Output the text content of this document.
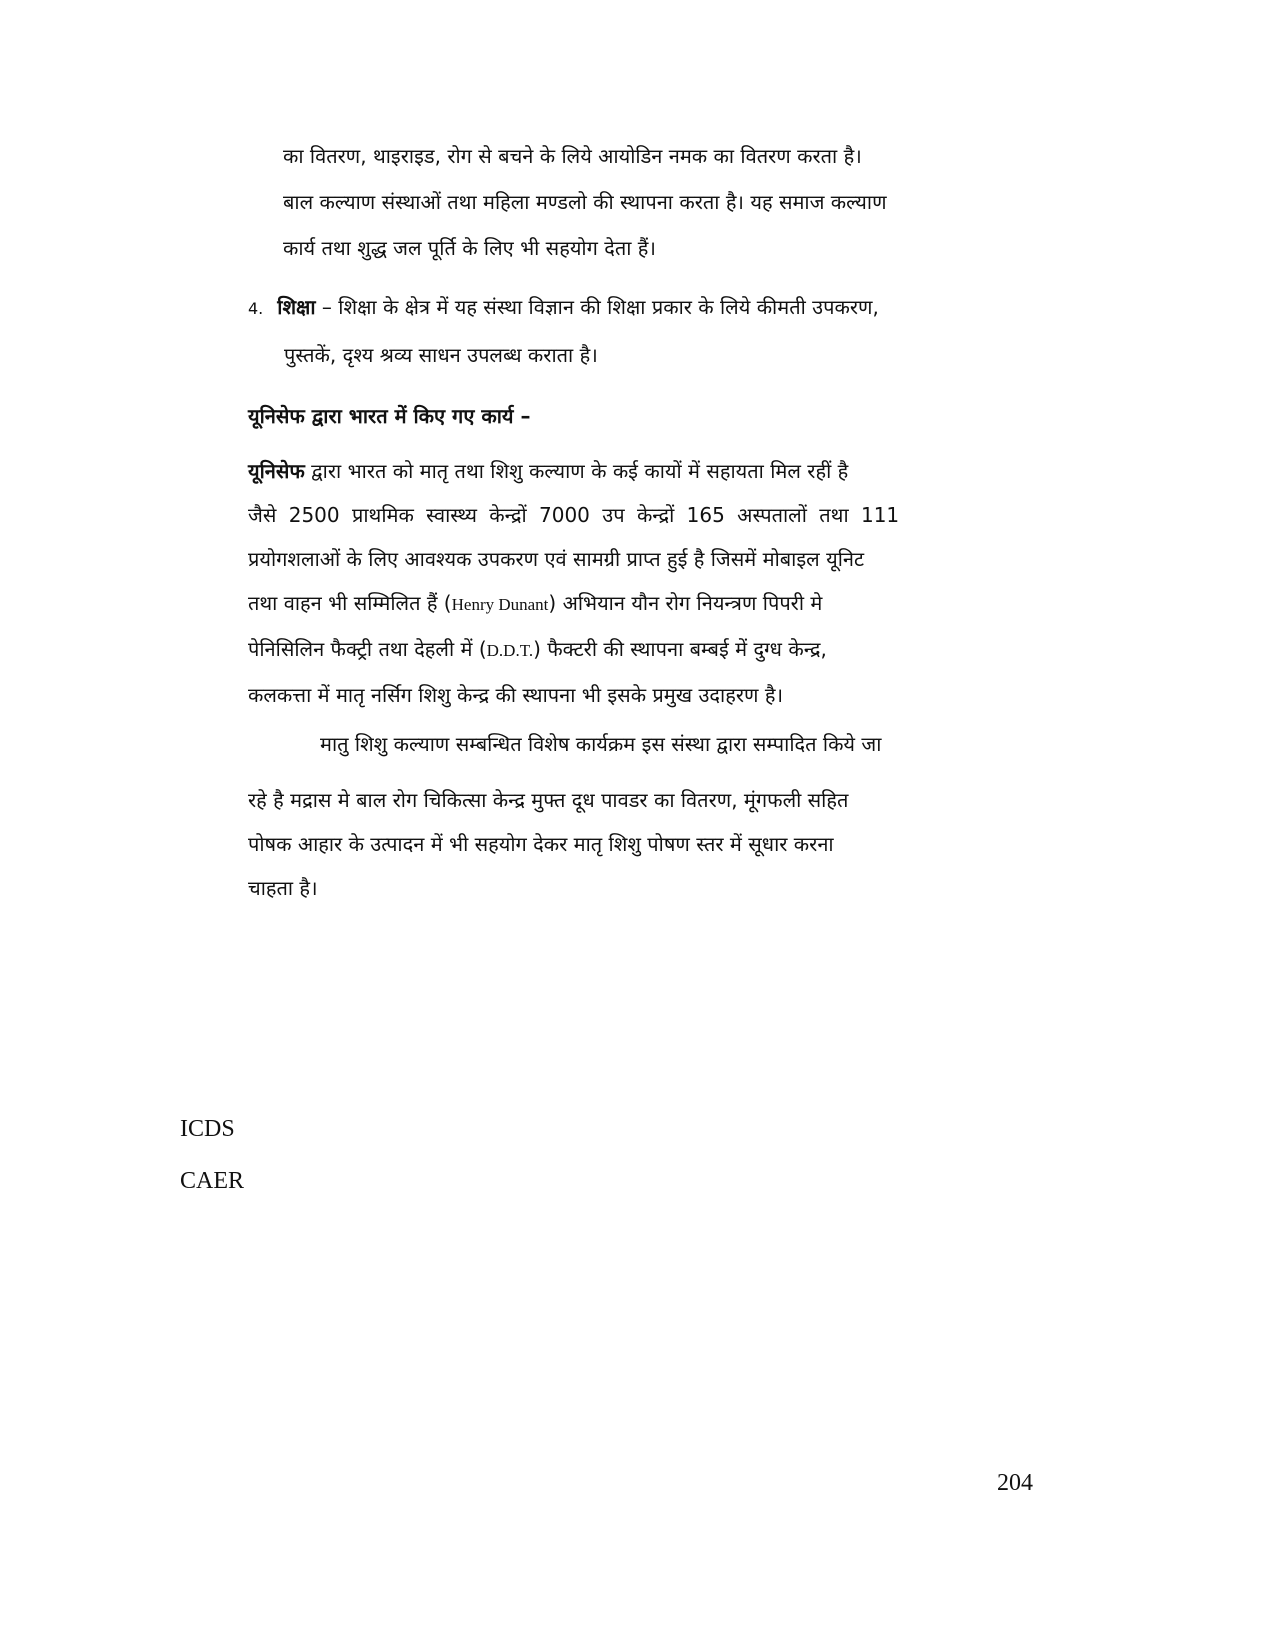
का वितरण, थाइराइड, रोग से बचने के लिये आयोडिन नमक का वितरण करता है।
बाल कल्याण संस्थाओं तथा महिला मण्डलो की स्थापना करता है। यह समाज कल्याण
कार्य तथा शुद्ध जल पूर्ति के लिए भी सहयोग देता हैं।
4. शिक्षा – शिक्षा के क्षेत्र में यह संस्था विज्ञान की शिक्षा प्रकार के लिये कीमती उपकरण,
पुस्तकें, दृश्य श्रव्य साधन उपलब्ध कराता है।
यूनिसेफ द्वारा भारत में किए गए कार्य –
यूनिसेफ द्वारा भारत को मातृ तथा शिशु कल्याण के कई कायों में सहायता मिल रहीं है
जैसे 2500 प्राथमिक स्वास्थ्य केन्द्रों 7000 उप केन्द्रों 165 अस्पतालों तथा 111
प्रयोगशलाओं के लिए आवश्यक उपकरण एवं सामग्री प्राप्त हुई है जिसमें मोबाइल यूनिट
तथा वाहन भी सम्मिलित हैं (Henry Dunant) अभियान यौन रोग नियन्त्रण पिपरी मे
पेनिसिलिन फैक्ट्री तथा देहली में (D.D.T.) फैक्टरी की स्थापना बम्बई में दुग्ध केन्द्र,
कलकत्ता में मातृ नर्सिग शिशु केन्द्र की स्थापना भी इसके प्रमुख उदाहरण है।
मातु शिशु कल्याण सम्बन्धित विशेष कार्यक्रम इस संस्था द्वारा सम्पादित किये जा
रहे है मद्रास मे बाल रोग चिकित्सा केन्द्र मुफ्त दूध पावडर का वितरण, मूंगफली सहित
पोषक आहार के उत्पादन में भी सहयोग देकर मातृ शिशु पोषण स्तर में सूधार करना
चाहता है।
ICDS
CAER
204
